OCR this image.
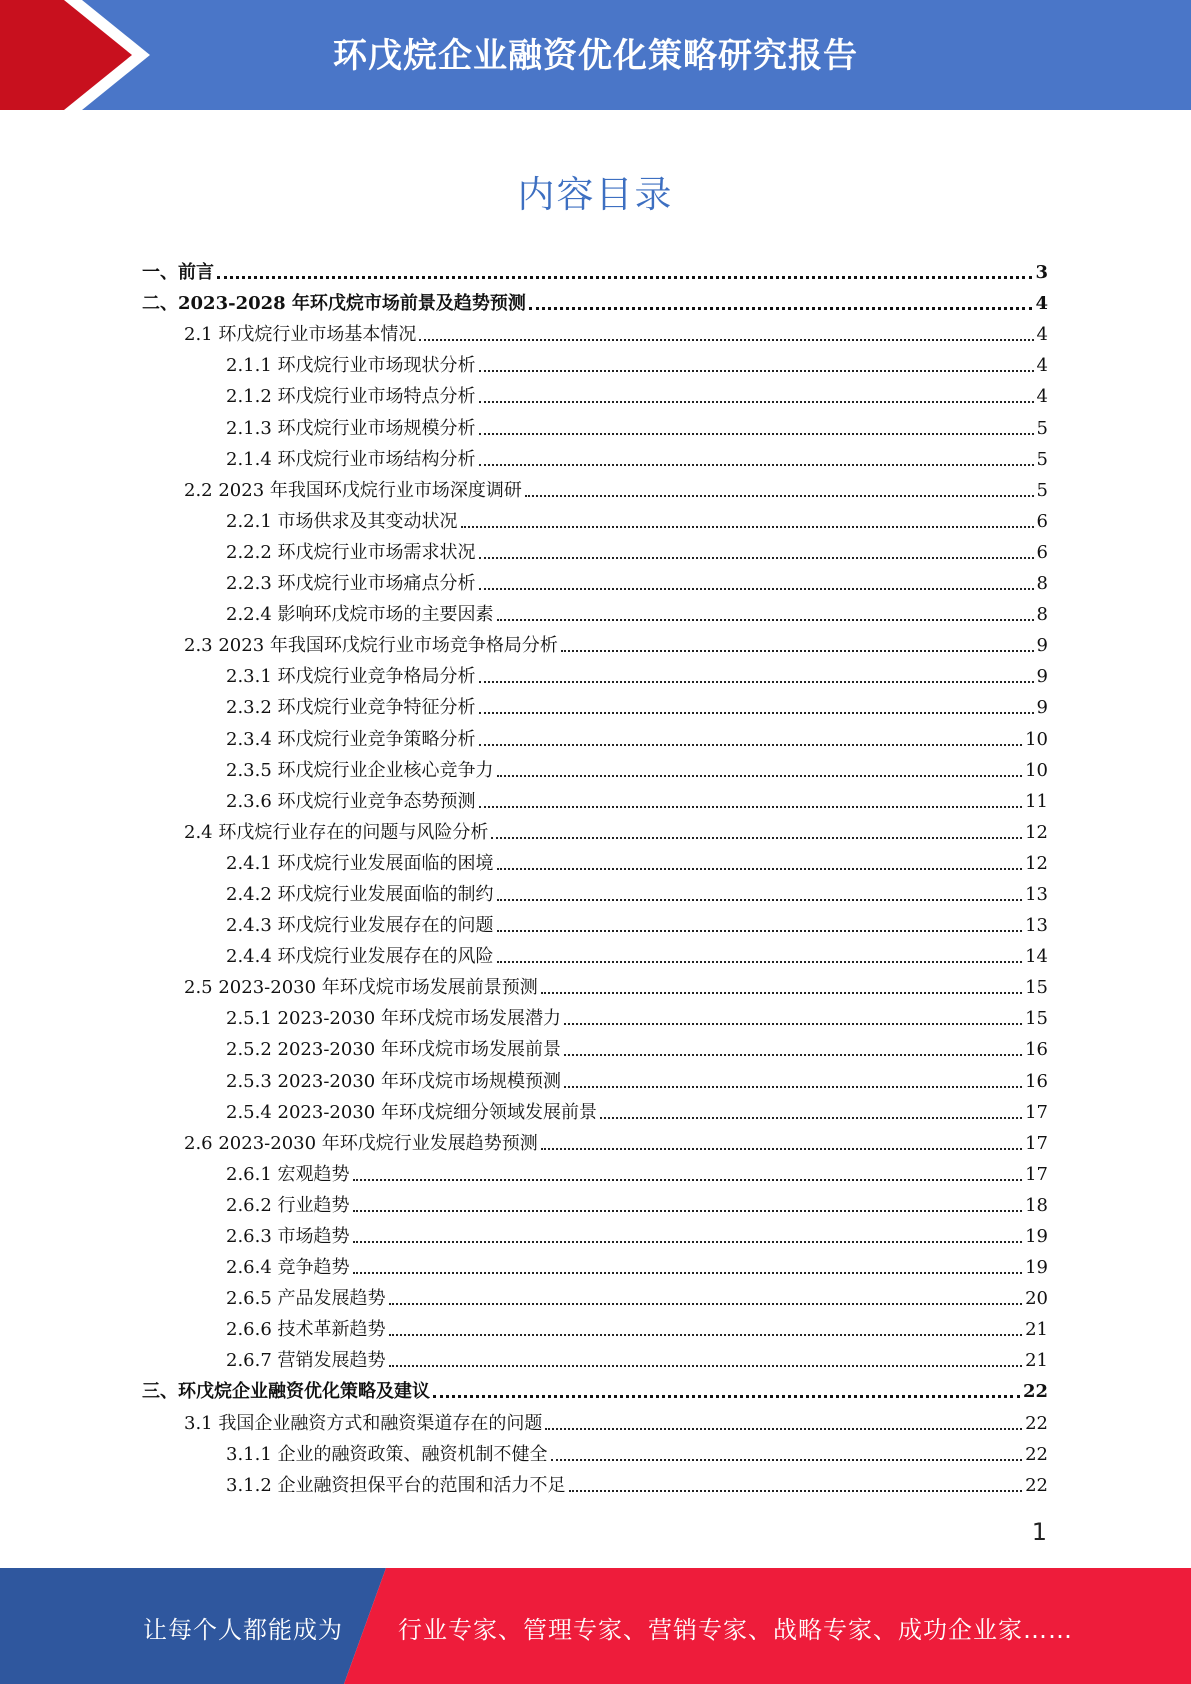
环戊烷企业融资优化策略研究报告
内容目录
一、前言	3
二、2023-2028 年环戊烷市场前景及趋势预测	4
2.1 环戊烷行业市场基本情况	4
2.1.1 环戊烷行业市场现状分析	4
2.1.2 环戊烷行业市场特点分析	4
2.1.3 环戊烷行业市场规模分析	5
2.1.4 环戊烷行业市场结构分析	5
2.2 2023 年我国环戊烷行业市场深度调研	5
2.2.1 市场供求及其变动状况	6
2.2.2 环戊烷行业市场需求状况	6
2.2.3 环戊烷行业市场痛点分析	8
2.2.4 影响环戊烷市场的主要因素	8
2.3 2023 年我国环戊烷行业市场竞争格局分析	9
2.3.1 环戊烷行业竞争格局分析	9
2.3.2 环戊烷行业竞争特征分析	9
2.3.4 环戊烷行业竞争策略分析	10
2.3.5 环戊烷行业企业核心竞争力	10
2.3.6 环戊烷行业竞争态势预测	11
2.4 环戊烷行业存在的问题与风险分析	12
2.4.1 环戊烷行业发展面临的困境	12
2.4.2 环戊烷行业发展面临的制约	13
2.4.3 环戊烷行业发展存在的问题	13
2.4.4 环戊烷行业发展存在的风险	14
2.5 2023-2030 年环戊烷市场发展前景预测	15
2.5.1 2023-2030 年环戊烷市场发展潜力	15
2.5.2 2023-2030 年环戊烷市场发展前景	16
2.5.3 2023-2030 年环戊烷市场规模预测	16
2.5.4 2023-2030 年环戊烷细分领域发展前景	17
2.6 2023-2030 年环戊烷行业发展趋势预测	17
2.6.1 宏观趋势	17
2.6.2 行业趋势	18
2.6.3 市场趋势	19
2.6.4 竞争趋势	19
2.6.5 产品发展趋势	20
2.6.6 技术革新趋势	21
2.6.7 营销发展趋势	21
三、环戊烷企业融资优化策略及建议	22
3.1 我国企业融资方式和融资渠道存在的问题	22
3.1.1 企业的融资政策、融资机制不健全	22
3.1.2 企业融资担保平台的范围和活力不足	22
1
让每个人都能成为 行业专家、管理专家、营销专家、战略专家、成功企业家……
